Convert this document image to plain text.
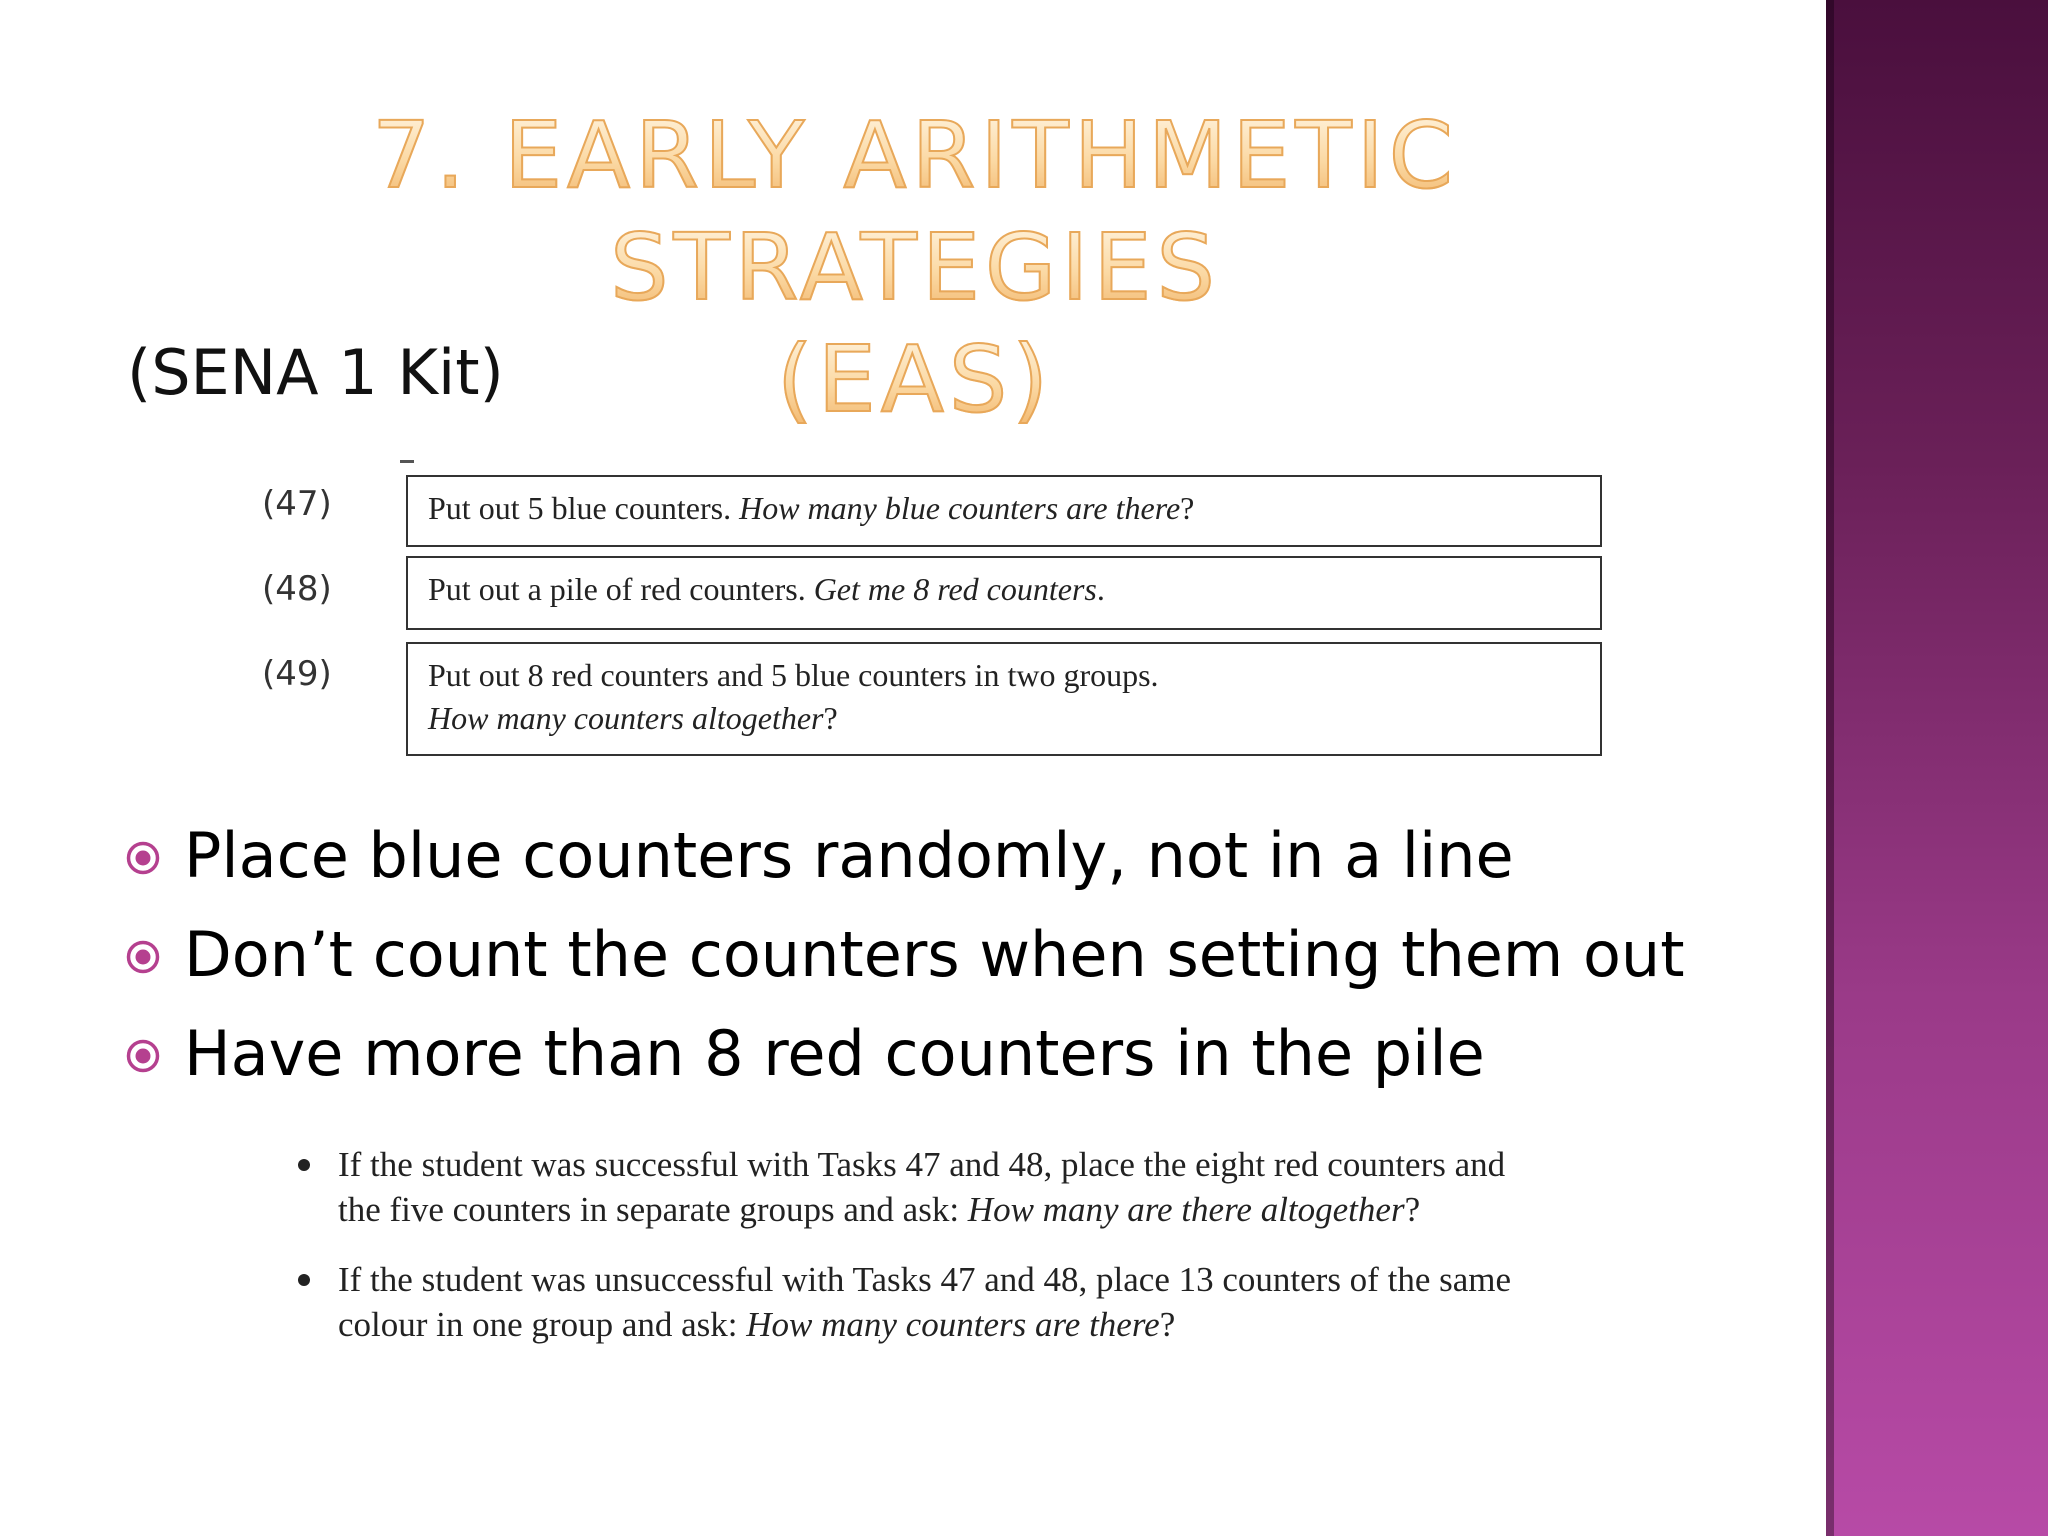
7. EARLY ARITHMETIC STRATEGIES
(EAS)

(SENA 1 Kit)

(47)	Put out 5 blue counters. How many blue counters are there?
(48)	Put out a pile of red counters. Get me 8 red counters.
(49)	Put out 8 red counters and 5 blue counters in two groups.
How many counters altogether?
Place blue counters randomly, not in a line
Don’t count the counters when setting them out
Have more than 8 red counters in the pile
If the student was successful with Tasks 47 and 48, place the eight red counters and the five counters in separate groups and ask: How many are there altogether?
If the student was unsuccessful with Tasks 47 and 48, place 13 counters of the same colour in one group and ask: How many counters are there?
